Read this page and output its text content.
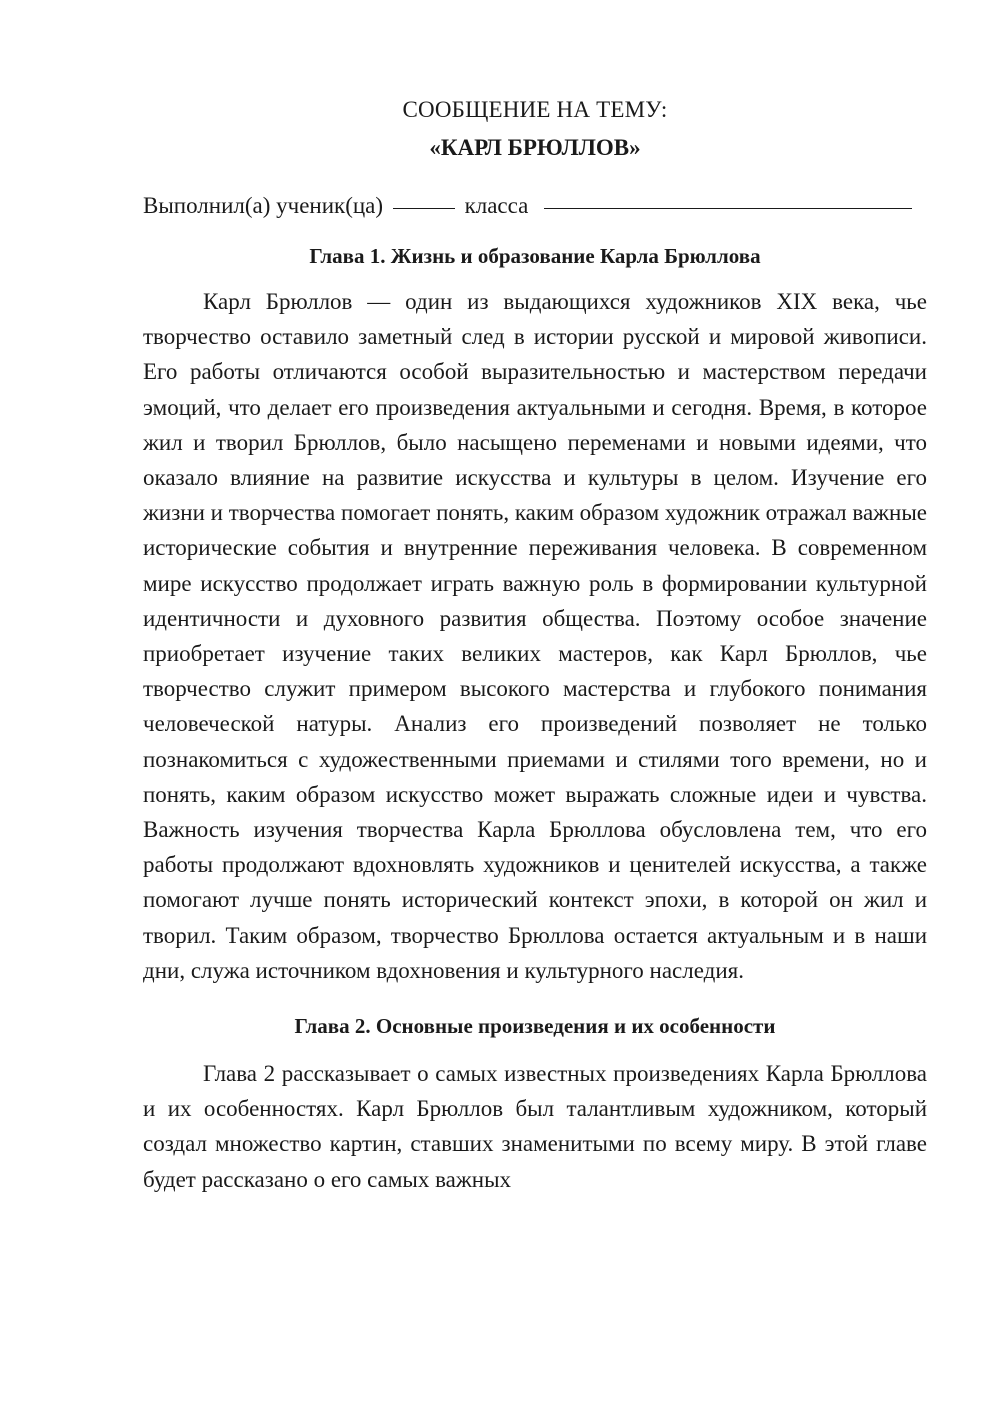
СООБЩЕНИЕ НА ТЕМУ:
«КАРЛ БРЮЛЛОВ»
Выполнил(а) ученик(ца)	класса
Глава 1. Жизнь и образование Карла Брюллова

Карл Брюллов — один из выдающихся художников XIX века, чье творчество оставило заметный след в истории русской и мировой живописи. Его работы отличаются особой выразительностью и мастерством передачи эмоций, что делает его произведения актуальными и сегодня. Время, в которое жил и творил Брюллов, было насыщено переменами и новыми идеями, что оказало влияние на развитие искусства и культуры в целом. Изучение его жизни и творчества помогает понять, каким образом художник отражал важные исторические события и внутренние переживания человека. В современном мире искусство продолжает играть важную роль в формировании культурной идентичности и духовного развития общества. Поэтому особое значение приобретает изучение таких великих мастеров, как Карл Брюллов, чье творчество служит примером высокого мастерства и глубокого понимания человеческой натуры. Анализ его произведений позволяет не только познакомиться с художественными приемами и стилями того времени, но и понять, каким образом искусство может выражать сложные идеи и чувства. Важность изучения творчества Карла Брюллова обусловлена тем, что его работы продолжают вдохновлять художников и ценителей искусства, а также помогают лучше понять исторический контекст эпохи, в которой он жил и творил. Таким образом, творчество Брюллова остается актуальным и в наши дни, служа источником вдохновения и культурного наследия.

Глава 2. Основные произведения и их особенности

Глава 2 рассказывает о самых известных произведениях Карла Брюллова и их особенностях. Карл Брюллов был талантливым художником, который создал множество картин, ставших знаменитыми по всему миру. В этой главе будет рассказано о его самых важных
